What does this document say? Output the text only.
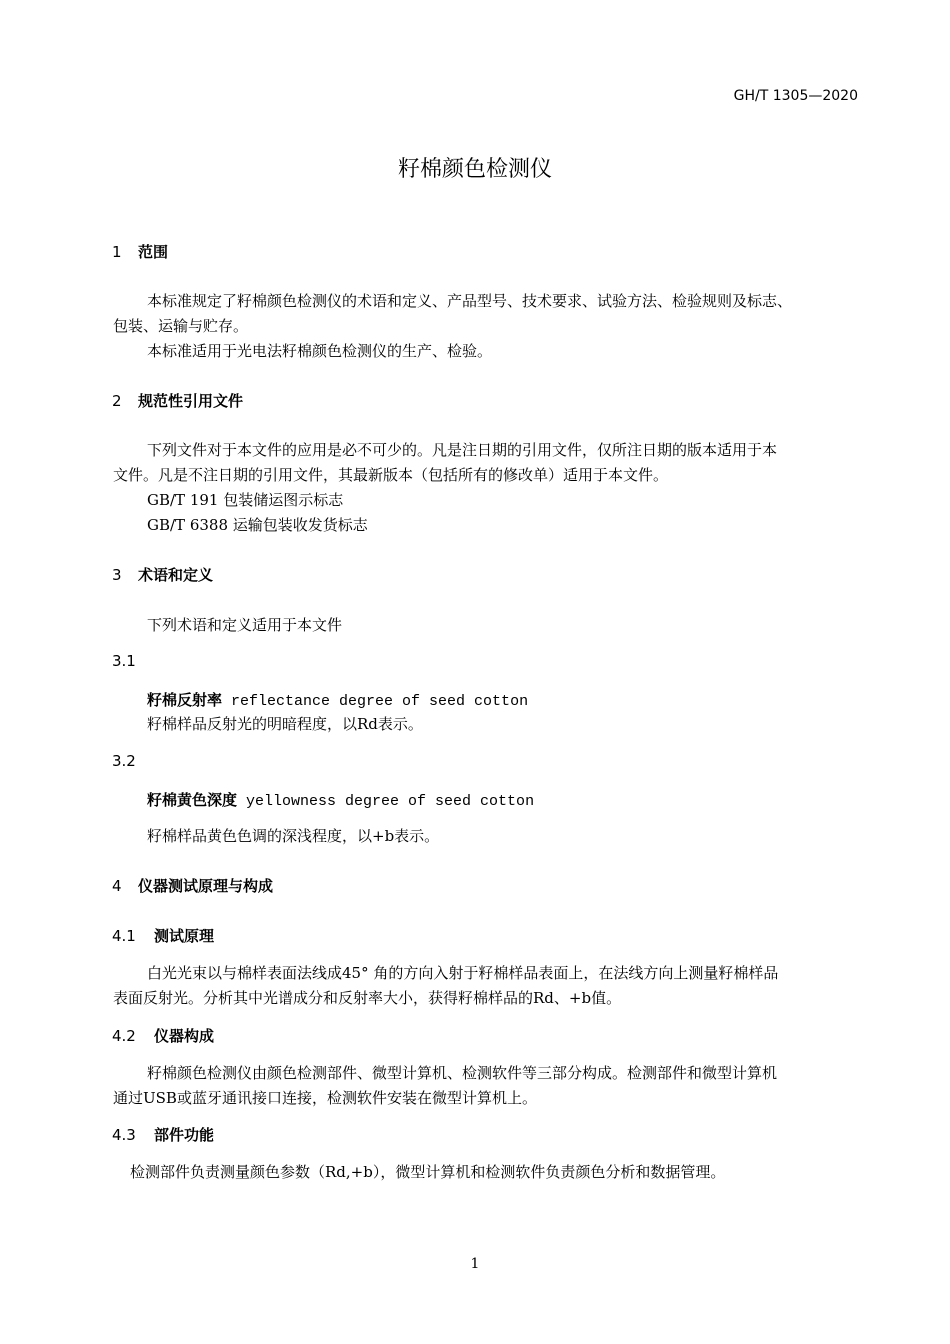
GH/T 1305—2020
籽棉颜色检测仪
1 范围
本标准规定了籽棉颜色检测仪的术语和定义、产品型号、技术要求、试验方法、检验规则及标志、
包装、运输与贮存。
本标准适用于光电法籽棉颜色检测仪的生产、检验。
2 规范性引用文件
下列文件对于本文件的应用是必不可少的。凡是注日期的引用文件，仅所注日期的版本适用于本
文件。凡是不注日期的引用文件，其最新版本（包括所有的修改单）适用于本文件。
GB/T 191 包装储运图示标志
GB/T 6388 运输包装收发货标志
3 术语和定义
下列术语和定义适用于本文件
3.1
籽棉反射率 reflectance degree of seed cotton
籽棉样品反射光的明暗程度，以Rd表示。
3.2
籽棉黄色深度 yellowness degree of seed cotton
籽棉样品黄色色调的深浅程度，以+b表示。
4 仪器测试原理与构成
4.1 测试原理
白光光束以与棉样表面法线成45° 角的方向入射于籽棉样品表面上，在法线方向上测量籽棉样品
表面反射光。分析其中光谱成分和反射率大小，获得籽棉样品的Rd、+b值。
4.2 仪器构成
籽棉颜色检测仪由颜色检测部件、微型计算机、检测软件等三部分构成。检测部件和微型计算机
通过USB或蓝牙通讯接口连接，检测软件安装在微型计算机上。
4.3 部件功能
检测部件负责测量颜色参数（Rd,+b），微型计算机和检测软件负责颜色分析和数据管理。
1
